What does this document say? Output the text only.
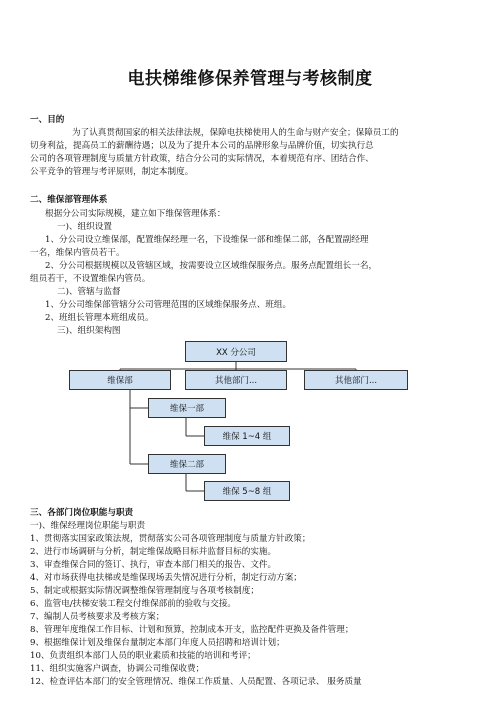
电扶梯维修保养管理与考核制度
一、目的
为了认真贯彻国家的相关法律法规，保障电扶梯使用人的生命与财产安全；保障员工的
切身利益，提高员工的薪酬待遇；以及为了提升本公司的品牌形象与品牌价值，切实执行总
公司的各项管理制度与质量方针政策，结合分公司的实际情况，本着规范有序、团结合作、
公平竞争的管理与考评原则，制定本制度。
二、维保部管理体系
根据分公司实际规模，建立如下维保管理体系：
一)、组织设置
1、分公司设立维保部，配置维保经理一名，下设维保一部和维保二部，各配置副经理
一名，维保内管员若干。
2、分公司根据规模以及管辖区域，按需要设立区域维保服务点。服务点配置组长一名，
组员若干，不设置维保内管员。
二)、管辖与监督
1、分公司维保部管辖分公司管理范围的区域维保服务点、班组。
2、班组长管理本班组成员。
三)、组织架构图
XX 分公司
维保部	其他部门...	其他部门...
维保一部
维保 1~4 组
维保二部
维保 5~8 组
三、各部门岗位职能与职责
一)、维保经理岗位职能与职责
1、贯彻落实国家政策法规，贯彻落实公司各项管理制度与质量方针政策；
2、进行市场调研与分析，制定维保战略目标并监督目标的实施。
3、审查维保合同的签订、执行，审查本部门相关的报告、文件。
4、对市场获得电扶梯或是维保现场丢失情况进行分析，制定行动方案；
5、制定或根据实际情况调整维保管理制度与各项考核制度；
6、监管电/扶梯安装工程交付维保部前的验收与交接。
7、编制人员考核要求及考核方案；
8、管理年度维保工作目标、计划和预算，控制成本开支，监控配件更换及备件管理；
9、根据维保计划及维保台量制定本部门年度人员招聘和培训计划；
10、负责组织本部门人员的职业素质和技能的培训和考评；
11、组织实施客户调查，协调公司维保收费；
12、检查评估本部门的安全管理情况、维保工作质量、人员配置、各项记录、 服务质量
